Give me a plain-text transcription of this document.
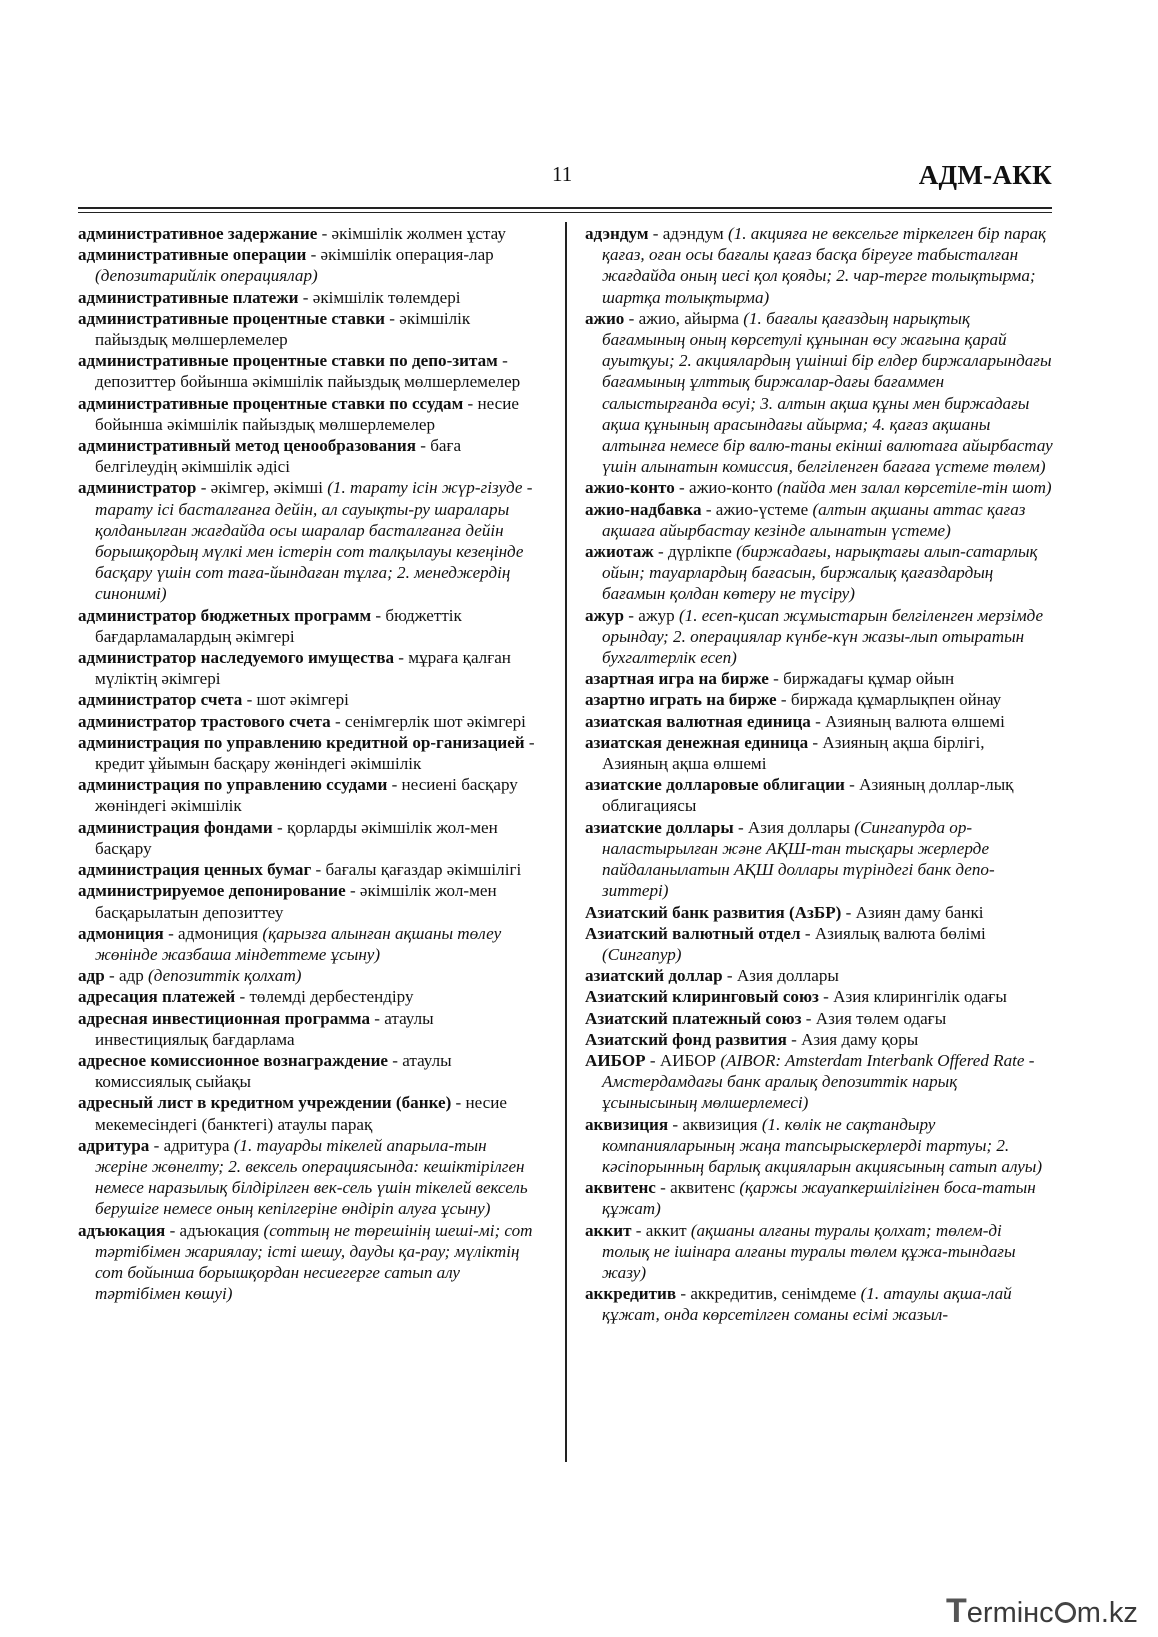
11	АДМ-АКК

административное задержание - әкімшілік жолмен ұстау

административные операции - әкімшілік операция-лар (депозитарийлік операциялар)

административные платежи - әкімшілік төлемдері

административные процентные ставки - әкімшілік пайыздық мөлшерлемелер

административные процентные ставки по депо-зитам - депозиттер бойынша әкімшілік пайыздық мөлшерлемелер

административные процентные ставки по ссудам - несие бойынша әкімшілік пайыздық мөлшерлемелер

административный метод ценообразования - баға белгілеудің әкімшілік әдісі

администратор - әкімгер, әкімші (1. тарату ісін жүр-гізуде - тарату ісі басталғанға дейін, ал сауықты-ру шаралары қолданылған жағдайда осы шаралар басталғанға дейін борышқордың мүлкі мен істерін сот талқылауы кезеңінде басқару үшін сот таға-йындаған тұлға; 2. менеджердің синонимі)

администратор бюджетных программ - бюджеттік бағдарламалардың әкімгері

администратор наследуемого имущества - мұраға қалған мүліктің әкімгері

администратор счета - шот әкімгері

администратор трастового счета - сенімгерлік шот әкімгері

администрация по управлению кредитной ор-ганизацией - кредит ұйымын басқару жөніндегі әкімшілік

администрация по управлению ссудами - несиені басқару жөніндегі әкімшілік

администрация фондами - қорларды әкімшілік жол-мен басқару

администрация ценных бумаг - бағалы қағаздар әкімшілігі

администрируемое депонирование - әкімшілік жол-мен басқарылатын депозиттеу

адмониция - адмониция (қарызға алынған ақшаны төлеу жөнінде жазбаша міндеттеме ұсыну)

адр - адр (депозиттік қолхат)

адресация платежей - төлемді дербестендіру

адресная инвестиционная программа - атаулы инвестициялық бағдарлама

адресное комиссионное вознаграждение - атаулы комиссиялық сыйақы

адресный лист в кредитном учреждении (банке) - несие мекемесіндегі (банктегі) атаулы парақ

адритура - адритура (1. тауарды тікелей апарыла-тын жеріне жөнелту; 2. вексель операциясында: кешіктірілген немесе наразылық білдірілген век-сель үшін тікелей вексель берушіге немесе оның кепілгеріне өндіріп алуға ұсыну)

адъюкация - адъюкация (соттың не төрешінің шеші-мі; сот тәртібімен жариялау; істі шешу, дауды қа-рау; мүліктің сот бойынша борышқордан несиегерге сатып алу тәртібімен көшуі)

адэндум - адэндум (1. акцияға не вексельге тіркелген бір парақ қағаз, оған осы бағалы қағаз басқа біреуге табысталған жағдайда оның иесі қол қояды; 2. чар-терге толықтырма; шартқа толықтырма)

ажио - ажио, айырма (1. бағалы қағаздың нарықтық бағамының оның көрсетулі құнынан өсу жағына қарай ауытқуы; 2. акциялардың үшінші бір елдер биржаларындағы бағамының ұлттық биржалар-дағы бағаммен салыстырғанда өсуі; 3. алтын ақша құны мен биржадағы ақша құнының арасындағы айырма; 4. қағаз ақшаны алтынға немесе бір валю-таны екінші валютаға айырбастау үшін алынатын комиссия, белгіленген бағаға үстеме төлем)

ажио-конто - ажио-конто (пайда мен залал көрсетіле-тін шот)

ажио-надбавка - ажио-үстеме (алтын ақшаны аттас қағаз ақшаға айырбастау кезінде алынатын үстеме)

ажиотаж - дүрлікпе (биржадағы, нарықтағы алып-сатарлық ойын; тауарлардың бағасын, биржалық қағаздардың бағамын қолдан көтеру не түсіру)

ажур - ажур (1. есеп-қисап жұмыстарын белгіленген мерзімде орындау; 2. операциялар күнбе-күн жазы-лып отыратын бухгалтерлік есеп)

азартная игра на бирже - биржадағы құмар ойын

азартно играть на бирже - биржада құмарлықпен ойнау

азиатская валютная единица - Азияның валюта өлшемі

азиатская денежная единица - Азияның ақша бірлігі, Азияның ақша өлшемі

азиатские долларовые облигации - Азияның доллар-лық облигациясы

азиатские доллары - Азия доллары (Сингапурда ор-наластырылған және АҚШ-тан тысқары жерлерде пайдаланылатын АҚШ доллары түріндегі банк депо-зиттері)

Азиатский банк развития (АзБР) - Азиян даму банкі

Азиатский валютный отдел - Азиялық валюта бөлімі (Сингапур)

азиатский доллар - Азия доллары

Азиатский клиринговый союз - Азия клирингілік одағы

Азиатский платежный союз - Азия төлем одағы

Азиатский фонд развития - Азия даму қоры

АИБОР - АИБОР (AIBOR: Amsterdam Interbank Offered Rate - Амстердамдағы банк аралық депозиттік нарық ұсынысының мөлшерлемесі)

аквизиция - аквизиция (1. көлік не сақтандыру компанияларының жаңа тапсырыскерлерді тартуы; 2. кәсіпорынның барлық акцияларын акциясының сатып алуы)

аквитенс - аквитенс (қаржы жауапкершілігінен боса-татын құжат)

аккит - аккит (ақшаны алғаны туралы қолхат; төлем-ді толық не ішінара алғаны туралы төлем құжа-тындағы жазу)

аккредитив - аккредитив, сенімдеме (1. атаулы ақша-лай құжат, онда көрсетілген соманы есімі жазыл-

Termінc m.kz
